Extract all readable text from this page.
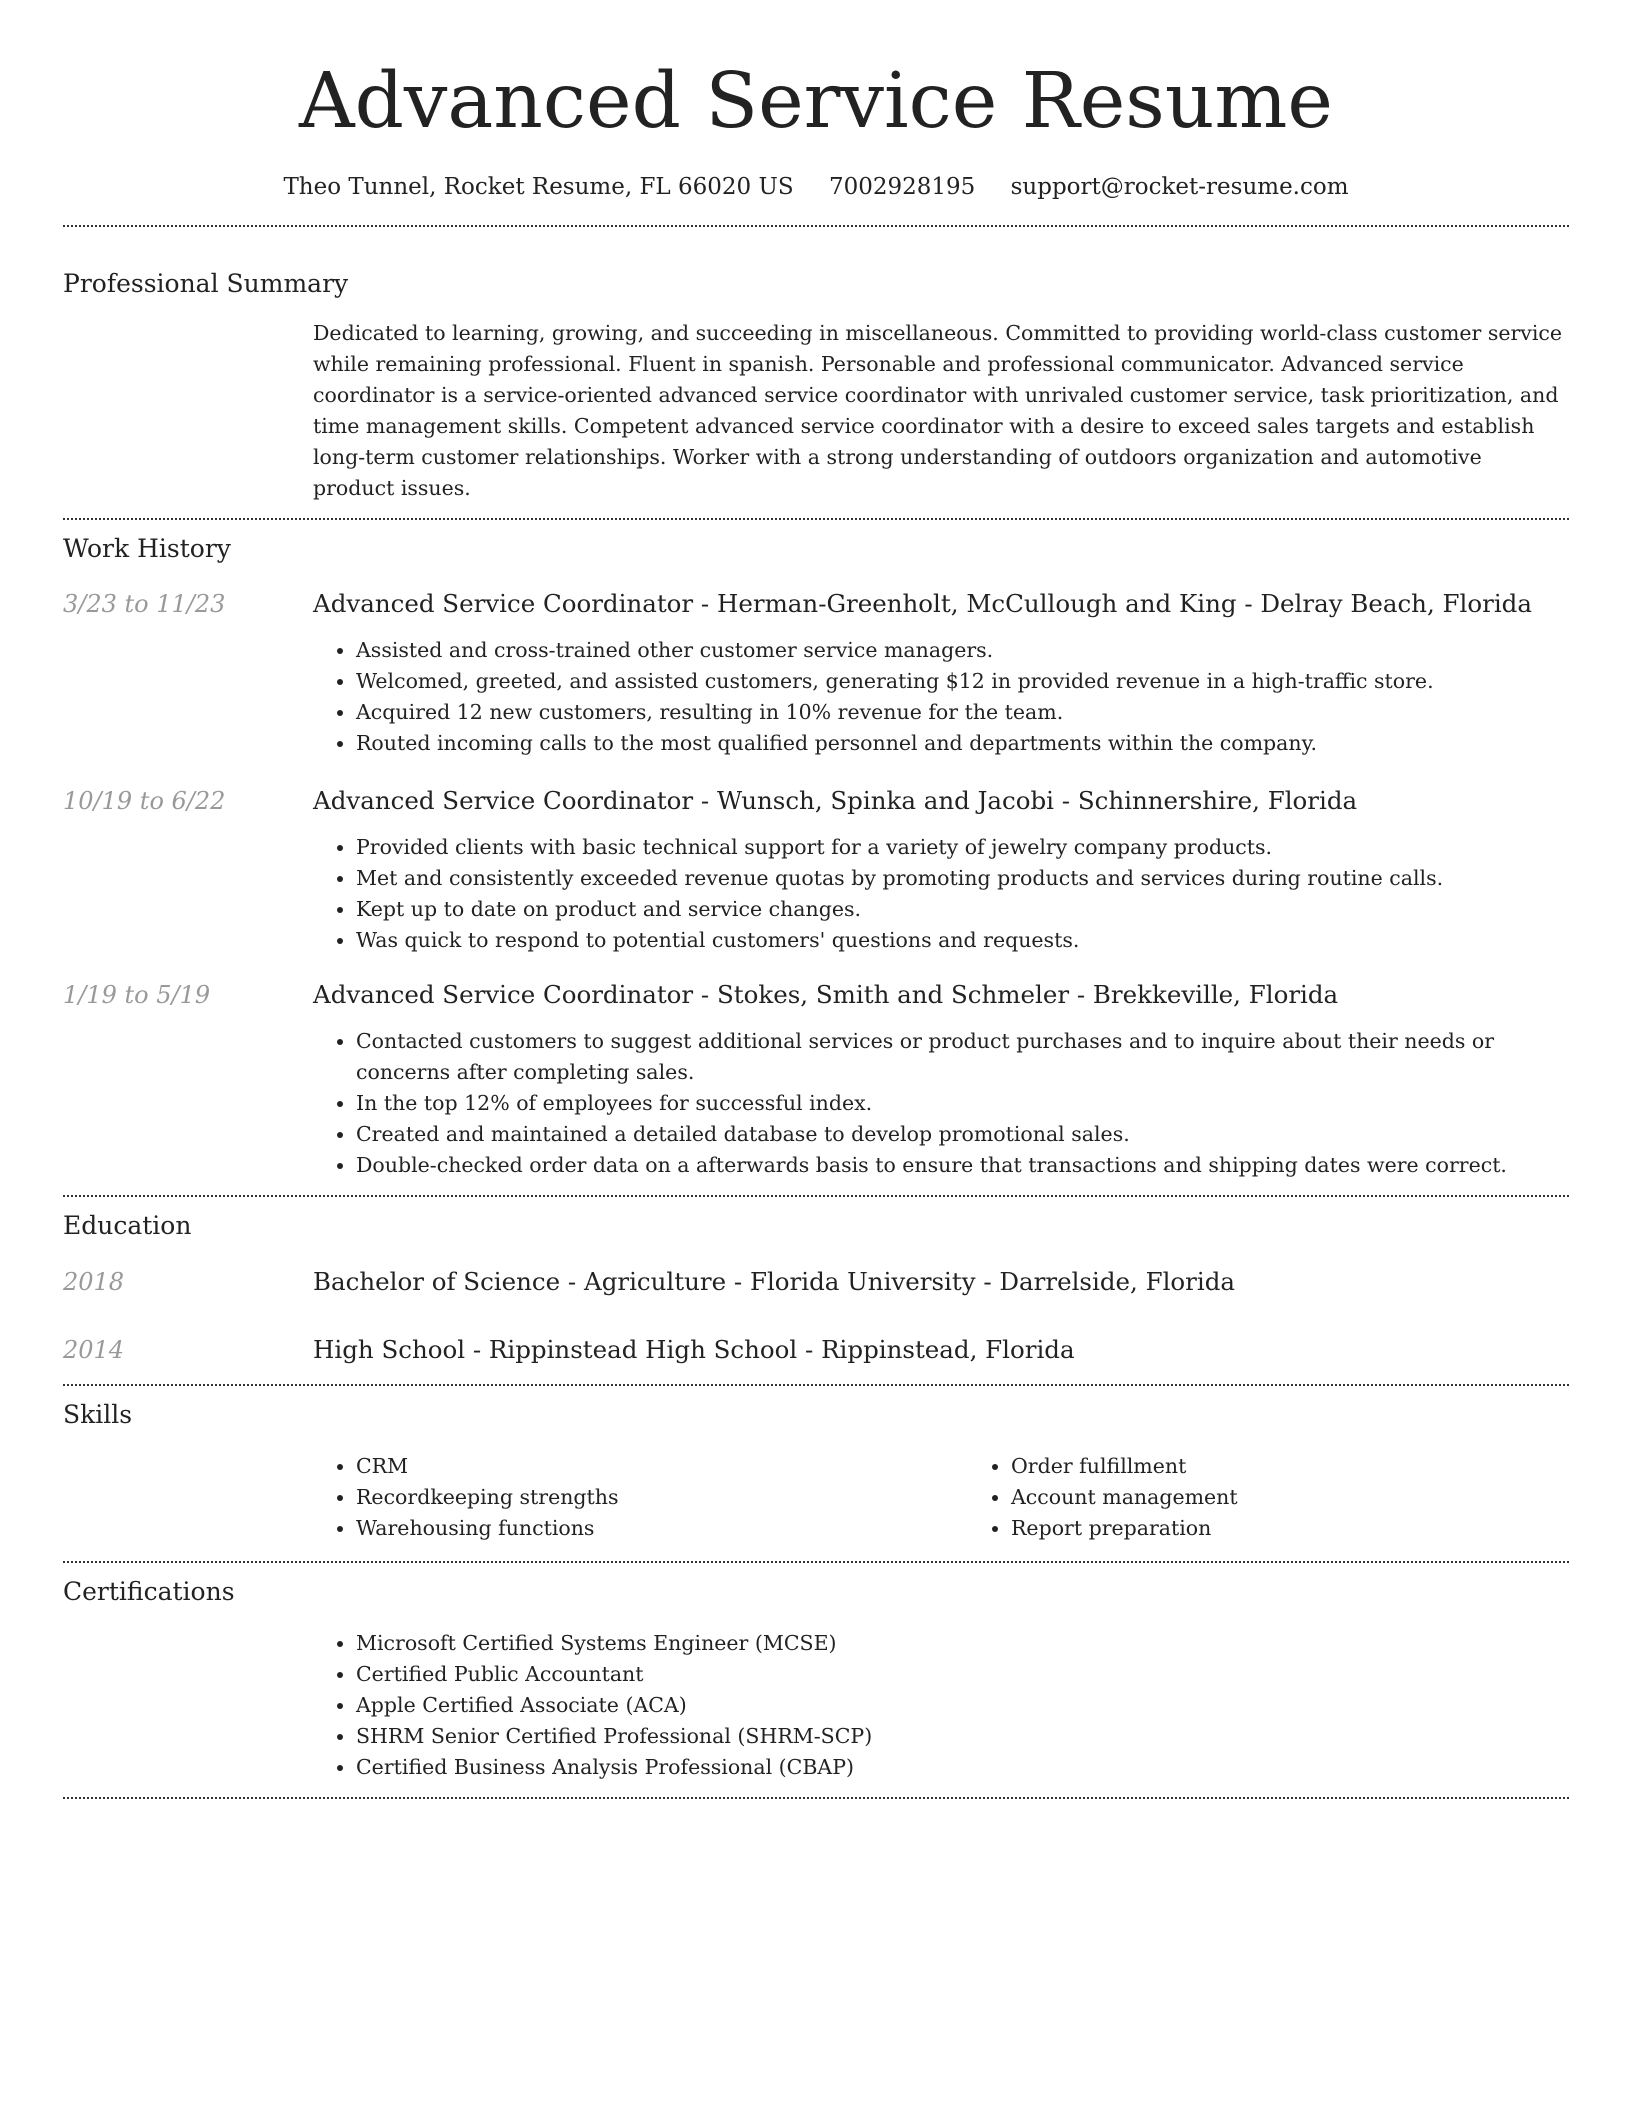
Advanced Service Resume
Theo Tunnel, Rocket Resume, FL 66020 US 7002928195 support@rocket-resume.com
Professional Summary

Dedicated to learning, growing, and succeeding in miscellaneous. Committed to providing world-class customer service while remaining professional. Fluent in spanish. Personable and professional communicator. Advanced service coordinator is a service-oriented advanced service coordinator with unrivaled customer service, task prioritization, and time management skills. Competent advanced service coordinator with a desire to exceed sales targets and establish long-term customer relationships. Worker with a strong understanding of outdoors organization and automotive product issues.

Work History
3/23 to 11/23	Advanced Service Coordinator - Herman-Greenholt, McCullough and King - Delray Beach, Florida
• Assisted and cross-trained other customer service managers.
• Welcomed, greeted, and assisted customers, generating $12 in provided revenue in a high-traffic store.
• Acquired 12 new customers, resulting in 10% revenue for the team.
• Routed incoming calls to the most qualified personnel and departments within the company.
10/19 to 6/22	Advanced Service Coordinator - Wunsch, Spinka and Jacobi - Schinnershire, Florida
• Provided clients with basic technical support for a variety of jewelry company products.
• Met and consistently exceeded revenue quotas by promoting products and services during routine calls.
• Kept up to date on product and service changes.
• Was quick to respond to potential customers' questions and requests.
1/19 to 5/19	Advanced Service Coordinator - Stokes, Smith and Schmeler - Brekkeville, Florida
• Contacted customers to suggest additional services or product purchases and to inquire about their needs or concerns after completing sales.
• In the top 12% of employees for successful index.
• Created and maintained a detailed database to develop promotional sales.
• Double-checked order data on a afterwards basis to ensure that transactions and shipping dates were correct.
Education
2018	Bachelor of Science - Agriculture - Florida University - Darrelside, Florida
2014	High School - Rippinstead High School - Rippinstead, Florida
Skills
• CRM
• Recordkeeping strengths
• Warehousing functions
• Order fulfillment
• Account management
• Report preparation
Certifications
• Microsoft Certified Systems Engineer (MCSE)
• Certified Public Accountant
• Apple Certified Associate (ACA)
• SHRM Senior Certified Professional (SHRM-SCP)
• Certified Business Analysis Professional (CBAP)
